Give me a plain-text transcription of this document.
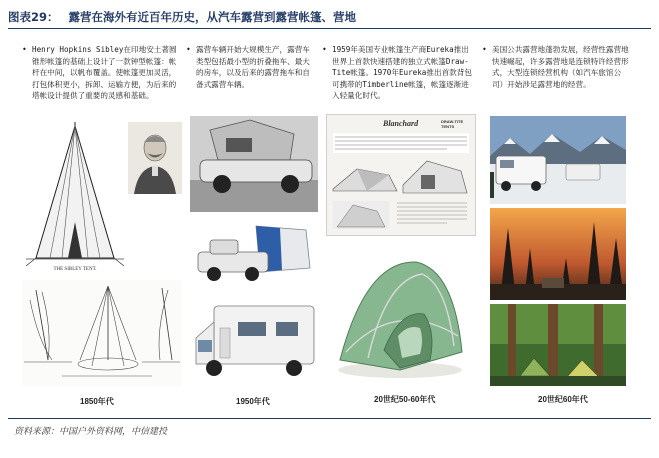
图表29： 露营在海外有近百年历史，从汽车露营到露营帐篷、营地
• Henry Hopkins Sibley在印地安土著圆锥形帐篷的基础上设计了一款钟型帐篷：帐杆在中间，以帆布覆盖。使帐篷更加灵活，打包体积更小，拆卸、运输方便，为后来的塔帐设计提供了重要的灵感和基础。
THE SIBLEY TENT.
1850年代
• 露营车辆开始大规模生产，露营车类型包括最小型的折叠拖车、最大的房车，以及后来的露营拖车和自备式露营车辆。
1950年代
• 1959年美国专业帐篷生产商Eureka推出世界上首款快速搭建的独立式帐篷Draw-Tite帐篷。1970年Eureka推出首款背包可携带的Timberline帐篷，帐篷逐渐进入轻量化时代。
Blanchard	DRAW-TITE TENTS
20世纪50-60年代
• 美国公共露营地蓬勃发展，经营性露营地快速崛起，许多露营地是连锁特许经营形式，大型连锁经营机构（如汽车旅馆公司）开始涉足露营地的经营。
20世纪60年代
资料来源：中国户外资料网，中信建投
